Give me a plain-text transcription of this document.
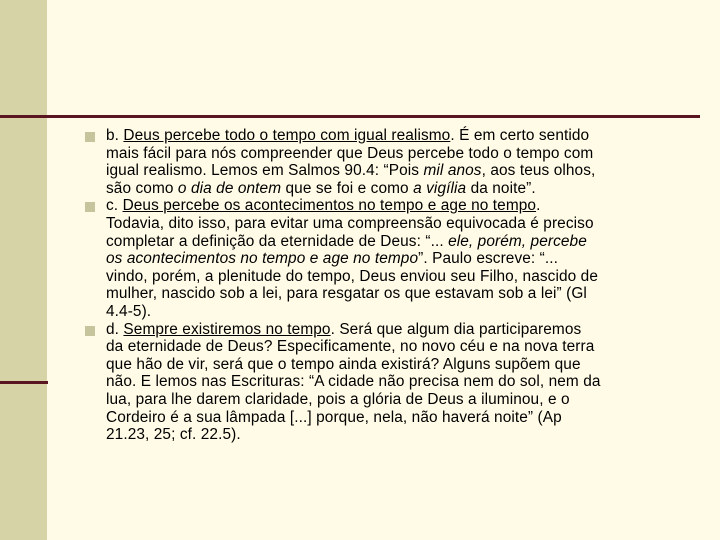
b. Deus percebe todo o tempo com igual realismo. É em certo sentido
mais fácil para nós compreender que Deus percebe todo o tempo com
igual realismo. Lemos em Salmos 90.4: “Pois mil anos, aos teus olhos,
são como o dia de ontem que se foi e como a vigília da noite”.
c. Deus percebe os acontecimentos no tempo e age no tempo.
Todavia, dito isso, para evitar uma compreensão equivocada é preciso
completar a definição da eternidade de Deus: “... ele, porém, percebe
os acontecimentos no tempo e age no tempo”. Paulo escreve: “...
vindo, porém, a plenitude do tempo, Deus enviou seu Filho, nascido de
mulher, nascido sob a lei, para resgatar os que estavam sob a lei” (Gl
4.4-5).
d. Sempre existiremos no tempo. Será que algum dia participaremos
da eternidade de Deus? Especificamente, no novo céu e na nova terra
que hão de vir, será que o tempo ainda existirá? Alguns supõem que
não. E lemos nas Escrituras: “A cidade não precisa nem do sol, nem da
lua, para lhe darem claridade, pois a glória de Deus a iluminou, e o
Cordeiro é a sua lâmpada [...] porque, nela, não haverá noite” (Ap
21.23, 25; cf. 22.5).
